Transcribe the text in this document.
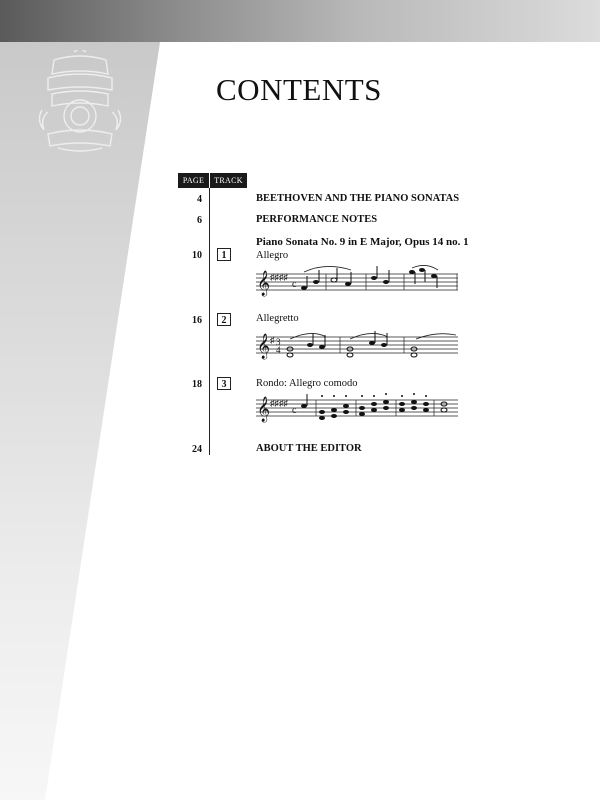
CONTENTS
PAGE	TRACK
4	BEETHOVEN AND THE PIANO SONATAS
6	PERFORMANCE NOTES
Piano Sonata No. 9 in E Major, Opus 14 no. 1
10	1	Allegro
𝄞 ♯♯♯♯
c
16	2	Allegretto
𝄞 ♯ 3
4
18	3	Rondo: Allegro comodo
𝄞 ♯♯♯♯
c
24	ABOUT THE EDITOR
